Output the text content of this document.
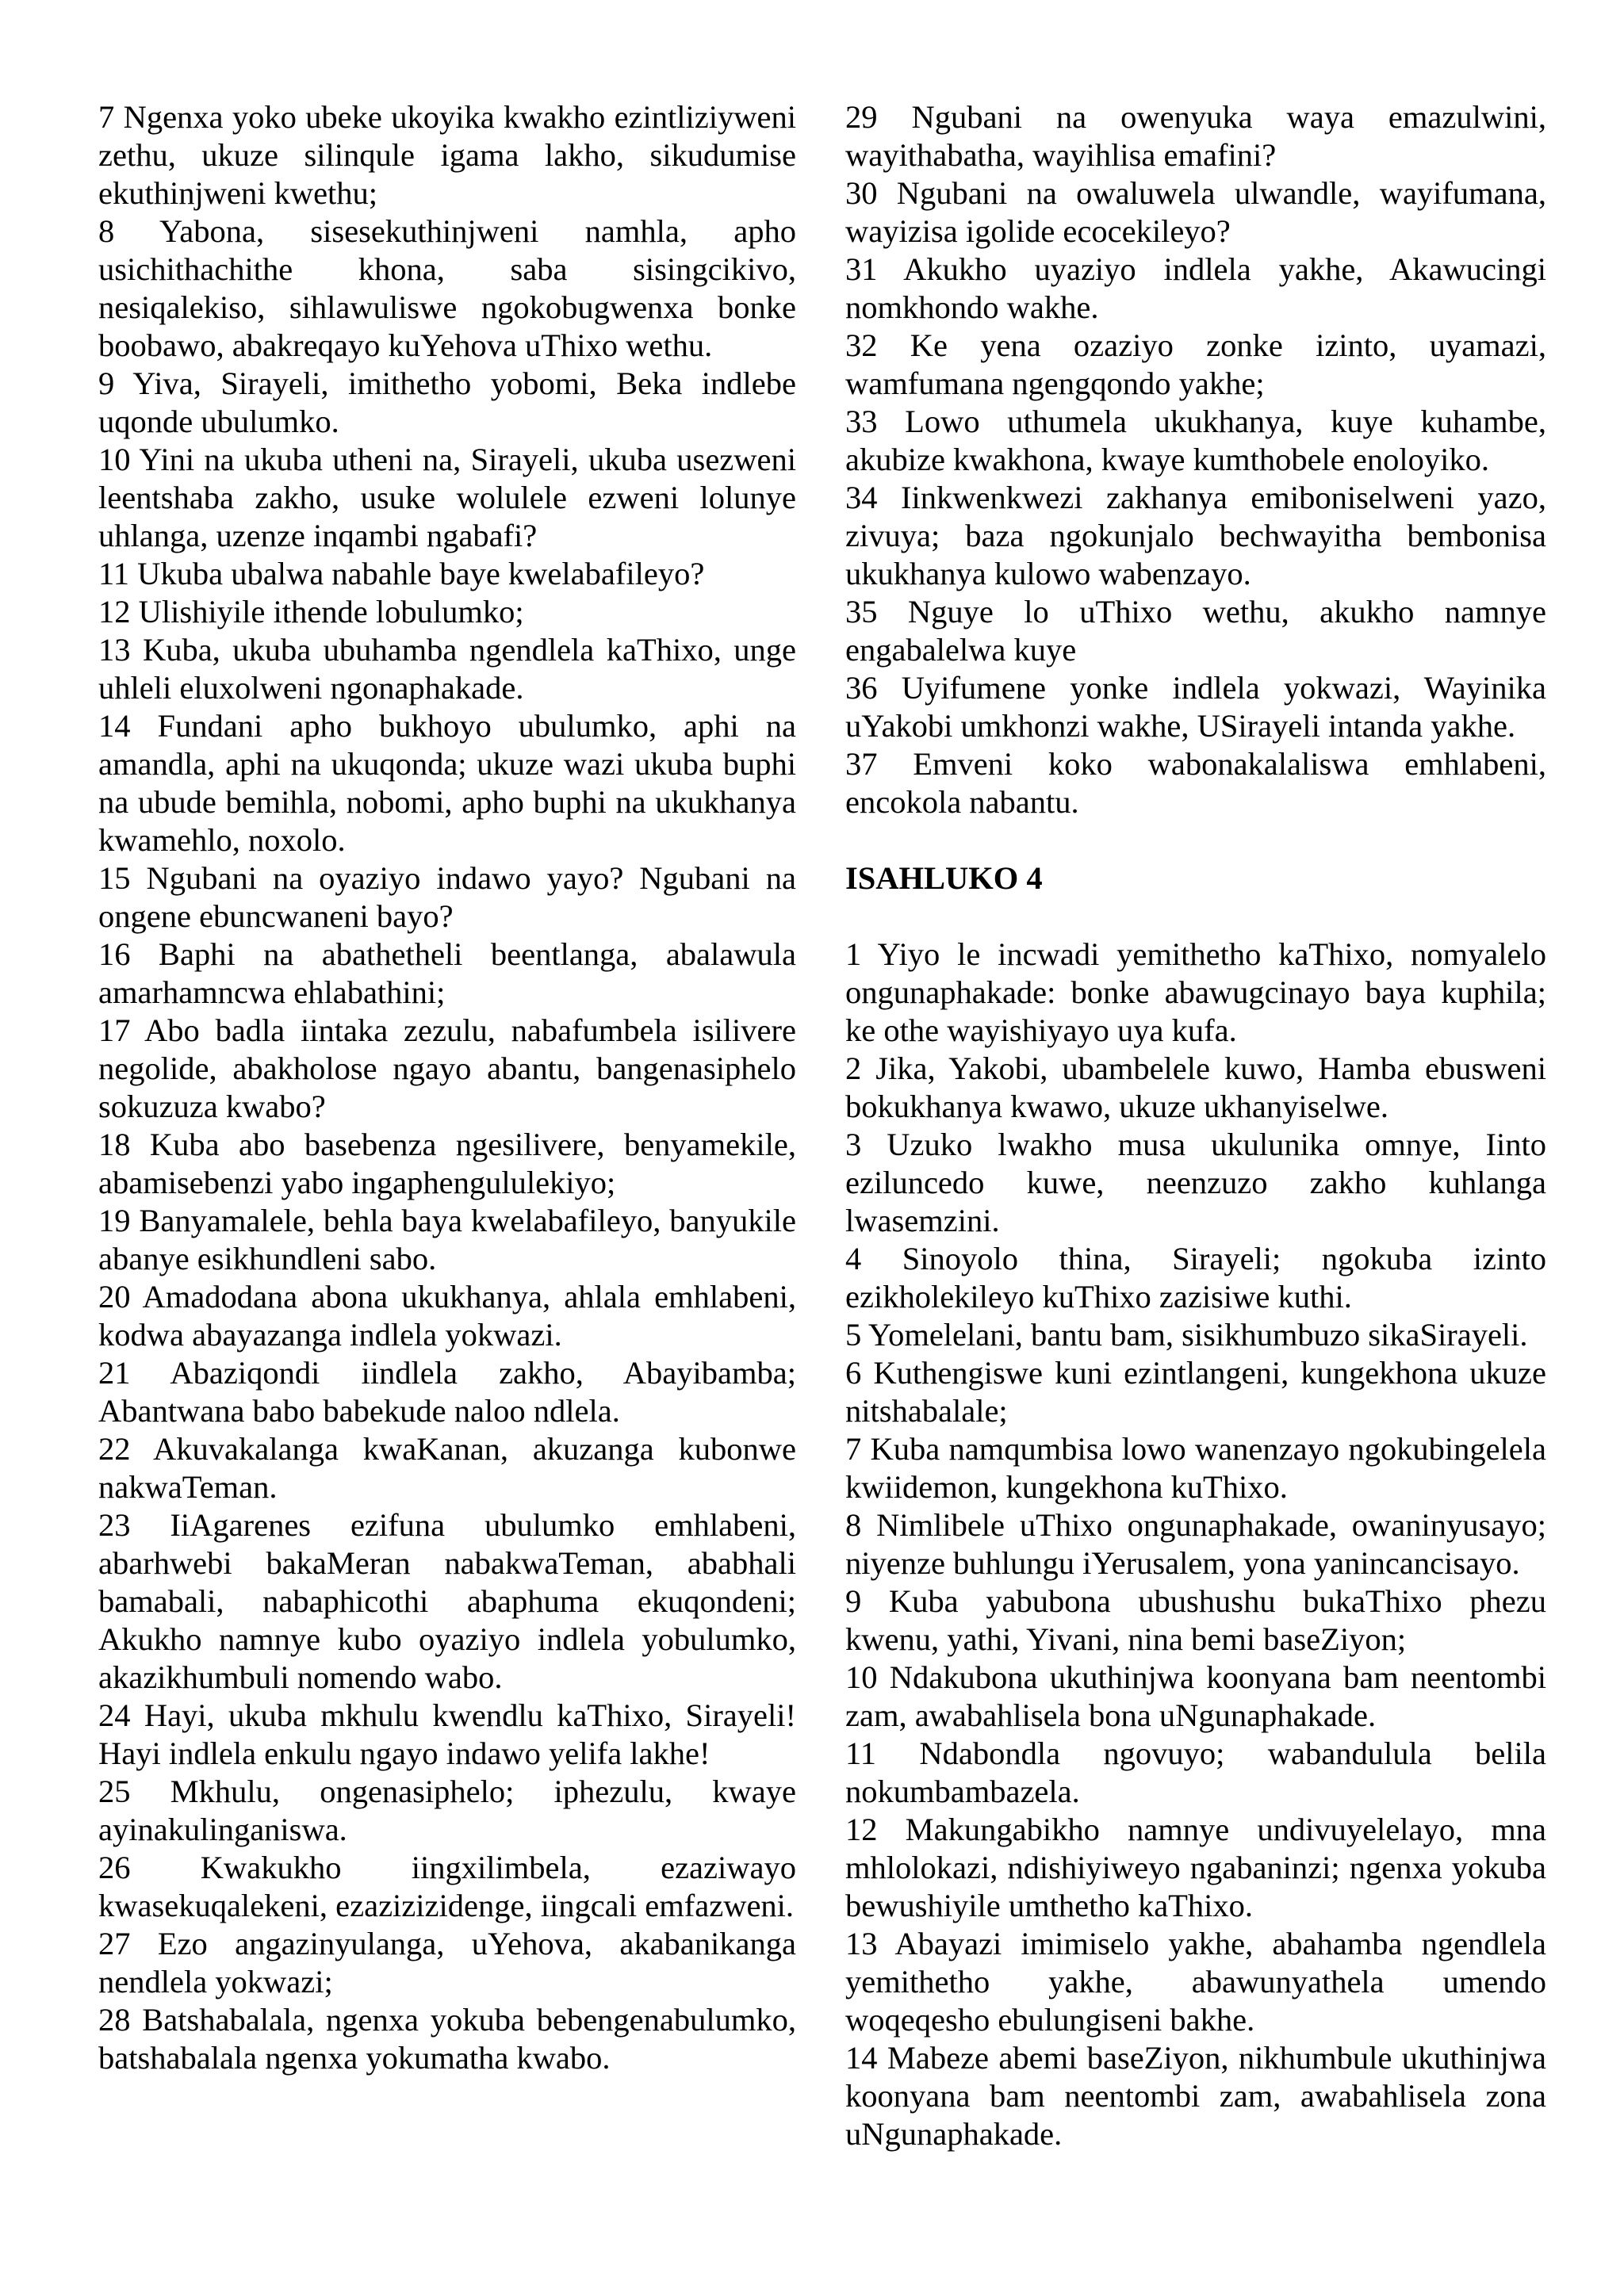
7 Ngenxa yoko ubeke ukoyika kwakho ezintliziyweni zethu, ukuze silinqule igama lakho, sikudumise ekuthinjweni kwethu;

8 Yabona, sisesekuthinjweni namhla, apho usichithachithe khona, saba sisingcikivo, nesiqalekiso, sihlawuliswe ngokobugwenxa bonke boobawo, abakreqayo kuYehova uThixo wethu.

9 Yiva, Sirayeli, imithetho yobomi, Beka indlebe uqonde ubulumko.

10 Yini na ukuba utheni na, Sirayeli, ukuba usezweni leentshaba zakho, usuke wolulele ezweni lolunye uhlanga, uzenze inqambi ngabafi?

11 Ukuba ubalwa nabahle baye kwelabafileyo?

12 Ulishiyile ithende lobulumko;

13 Kuba, ukuba ubuhamba ngendlela kaThixo, unge uhleli eluxolweni ngonaphakade.

14 Fundani apho bukhoyo ubulumko, aphi na amandla, aphi na ukuqonda; ukuze wazi ukuba buphi na ubude bemihla, nobomi, apho buphi na ukukhanya kwamehlo, noxolo.

15 Ngubani na oyaziyo indawo yayo? Ngubani na ongene ebuncwaneni bayo?

16 Baphi na abathetheli beentlanga, abalawula amarhamncwa ehlabathini;

17 Abo badla iintaka zezulu, nabafumbela isilivere negolide, abakholose ngayo abantu, bangenasiphelo sokuzuza kwabo?

18 Kuba abo basebenza ngesilivere, benyamekile, abamisebenzi yabo ingaphengululekiyo;

19 Banyamalele, behla baya kwelabafileyo, banyukile abanye esikhundleni sabo.

20 Amadodana abona ukukhanya, ahlala emhlabeni, kodwa abayazanga indlela yokwazi.

21 Abaziqondi iindlela zakho, Abayibamba; Abantwana babo babekude naloo ndlela.

22 Akuvakalanga kwaKanan, akuzanga kubonwe nakwaTeman.

23 IiAgarenes ezifuna ubulumko emhlabeni, abarhwebi bakaMeran nabakwaTeman, ababhali bamabali, nabaphicothi abaphuma ekuqondeni; Akukho namnye kubo oyaziyo indlela yobulumko, akazikhumbuli nomendo wabo.

24 Hayi, ukuba mkhulu kwendlu kaThixo, Sirayeli! Hayi indlela enkulu ngayo indawo yelifa lakhe!

25 Mkhulu, ongenasiphelo; iphezulu, kwaye ayinakulinganiswa.

26 Kwakukho iingxilimbela, ezaziwayo kwasekuqalekeni, ezazizizidenge, iingcali emfazweni.

27 Ezo angazinyulanga, uYehova, akabanikanga nendlela yokwazi;

28 Batshabalala, ngenxa yokuba bebengenabulumko, batshabalala ngenxa yokumatha kwabo.

29 Ngubani na owenyuka waya emazulwini, wayithabatha, wayihlisa emafini?

30 Ngubani na owaluwela ulwandle, wayifumana, wayizisa igolide ecocekileyo?

31 Akukho uyaziyo indlela yakhe, Akawucingi nomkhondo wakhe.

32 Ke yena ozaziyo zonke izinto, uyamazi, wamfumana ngengqondo yakhe;

33 Lowo uthumela ukukhanya, kuye kuhambe, akubize kwakhona, kwaye kumthobele enoloyiko.

34 Iinkwenkwezi zakhanya emiboniselweni yazo, zivuya; baza ngokunjalo bechwayitha bembonisa ukukhanya kulowo wabenzayo.

35 Nguye lo uThixo wethu, akukho namnye engabalelwa kuye

36 Uyifumene yonke indlela yokwazi, Wayinika uYakobi umkhonzi wakhe, USirayeli intanda yakhe.

37 Emveni koko wabonakalaliswa emhlabeni, encokola nabantu.

ISAHLUKO 4

1 Yiyo le incwadi yemithetho kaThixo, nomyalelo ongunaphakade: bonke abawugcinayo baya kuphila; ke othe wayishiyayo uya kufa.

2 Jika, Yakobi, ubambelele kuwo, Hamba ebusweni bokukhanya kwawo, ukuze ukhanyiselwe.

3 Uzuko lwakho musa ukulunika omnye, Iinto eziluncedo kuwe, neenzuzo zakho kuhlanga lwasemzini.

4 Sinoyolo thina, Sirayeli; ngokuba izinto ezikholekileyo kuThixo zazisiwe kuthi.

5 Yomelelani, bantu bam, sisikhumbuzo sikaSirayeli.

6 Kuthengiswe kuni ezintlangeni, kungekhona ukuze nitshabalale;

7 Kuba namqumbisa lowo wanenzayo ngokubingelela kwiidemon, kungekhona kuThixo.

8 Nimlibele uThixo ongunaphakade, owaninyusayo; niyenze buhlungu iYerusalem, yona yanincancisayo.

9 Kuba yabubona ubushushu bukaThixo phezu kwenu, yathi, Yivani, nina bemi baseZiyon;

10 Ndakubona ukuthinjwa koonyana bam neentombi zam, awabahlisela bona uNgunaphakade.

11 Ndabondla ngovuyo; wabandulula belila nokumbambazela.

12 Makungabikho namnye undivuyelelayo, mna mhlolokazi, ndishiyiweyo ngabaninzi; ngenxa yokuba bewushiyile umthetho kaThixo.

13 Abayazi imimiselo yakhe, abahamba ngendlela yemithetho yakhe, abawunyathela umendo woqeqesho ebulungiseni bakhe.

14 Mabeze abemi baseZiyon, nikhumbule ukuthinjwa koonyana bam neentombi zam, awabahlisela zona uNgunaphakade.
